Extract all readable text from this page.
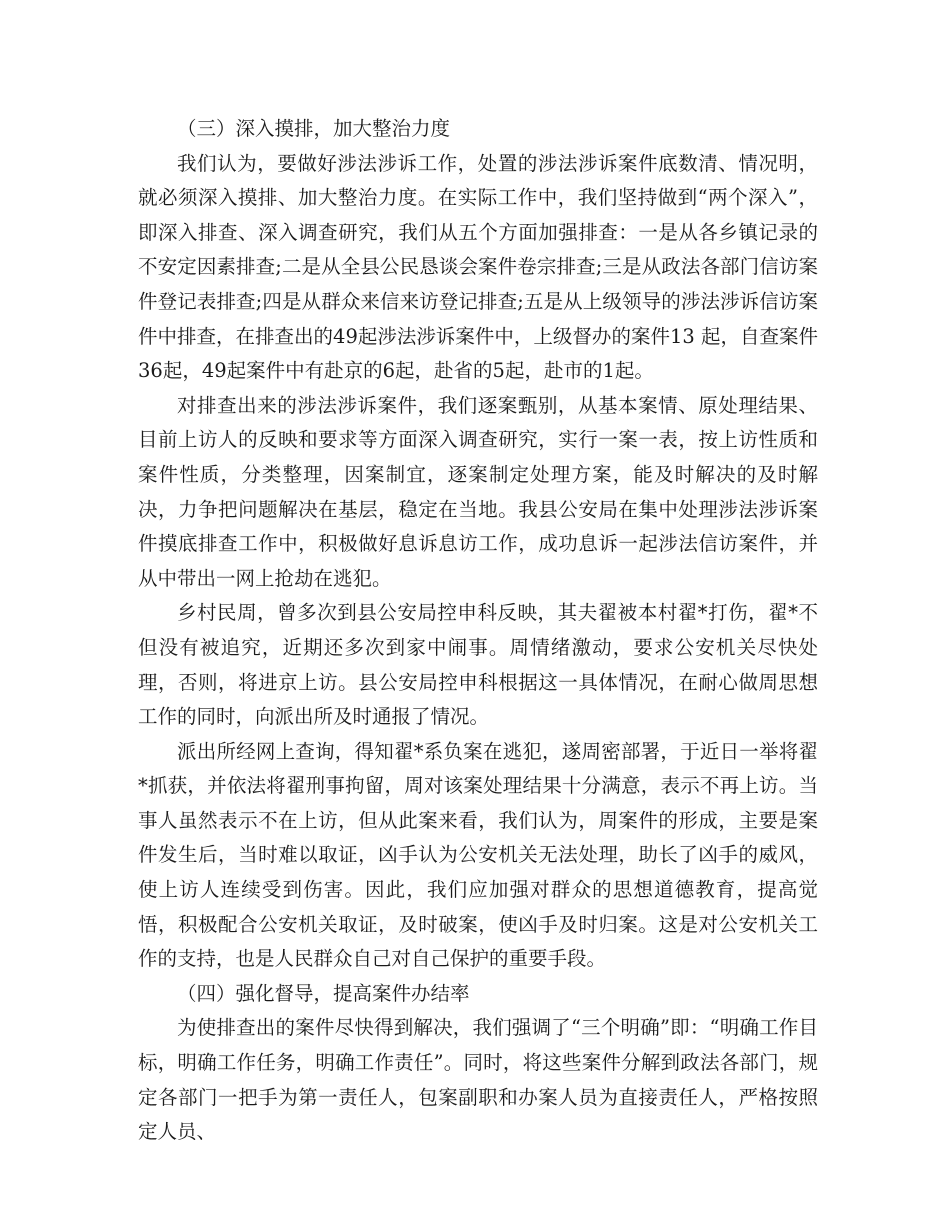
（三）深入摸排，加大整治力度

我们认为，要做好涉法涉诉工作，处置的涉法涉诉案件底数清、情况明，就必须深入摸排、加大整治力度。在实际工作中，我们坚持做到“两个深入”，即深入排查、深入调查研究，我们从五个方面加强排查：一是从各乡镇记录的不安定因素排查;二是从全县公民恳谈会案件卷宗排查;三是从政法各部门信访案件登记表排查;四是从群众来信来访登记排查;五是从上级领导的涉法涉诉信访案件中排查，在排查出的49起涉法涉诉案件中，上级督办的案件13 起，自查案件36起，49起案件中有赴京的6起，赴省的5起，赴市的1起。

对排查出来的涉法涉诉案件，我们逐案甄别，从基本案情、原处理结果、目前上访人的反映和要求等方面深入调查研究，实行一案一表，按上访性质和案件性质，分类整理，因案制宜，逐案制定处理方案，能及时解决的及时解决，力争把问题解决在基层，稳定在当地。我县公安局在集中处理涉法涉诉案件摸底排查工作中，积极做好息诉息访工作，成功息诉一起涉法信访案件，并从中带出一网上抢劫在逃犯。

乡村民周，曾多次到县公安局控申科反映，其夫翟被本村翟*打伤，翟*不但没有被追究，近期还多次到家中闹事。周情绪激动，要求公安机关尽快处理，否则，将进京上访。县公安局控申科根据这一具体情况，在耐心做周思想工作的同时，向派出所及时通报了情况。

派出所经网上查询，得知翟*系负案在逃犯，遂周密部署，于近日一举将翟*抓获，并依法将翟刑事拘留，周对该案处理结果十分满意，表示不再上访。当事人虽然表示不在上访，但从此案来看，我们认为，周案件的形成，主要是案件发生后，当时难以取证，凶手认为公安机关无法处理，助长了凶手的威风，使上访人连续受到伤害。因此，我们应加强对群众的思想道德教育，提高觉悟，积极配合公安机关取证，及时破案，使凶手及时归案。这是对公安机关工作的支持，也是人民群众自己对自己保护的重要手段。

（四）强化督导，提高案件办结率

为使排查出的案件尽快得到解决，我们强调了“三个明确”即：“明确工作目标，明确工作任务，明确工作责任”。同时，将这些案件分解到政法各部门，规定各部门一把手为第一责任人，包案副职和办案人员为直接责任人，严格按照定人员、
